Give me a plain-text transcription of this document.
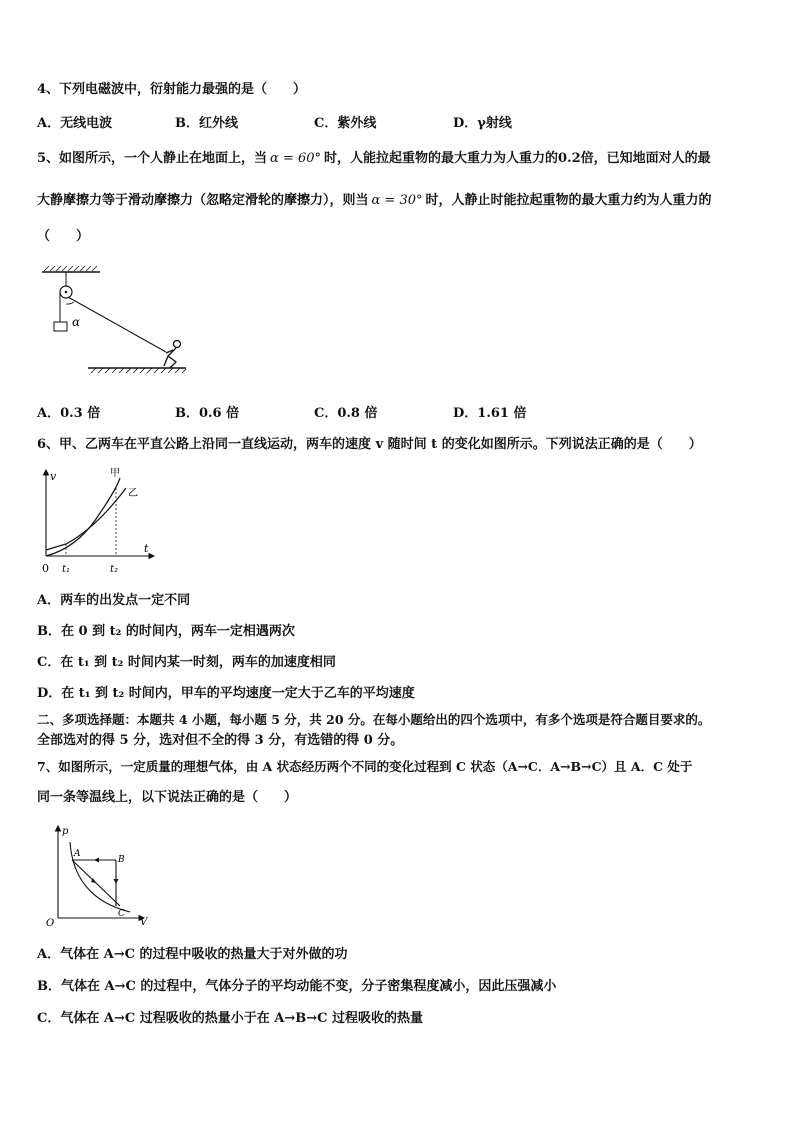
4、下列电磁波中，衍射能力最强的是（　　）
A．无线电波	B．红外线	C．紫外线	D．γ射线
5、如图所示，一个人静止在地面上，当 α = 60° 时，人能拉起重物的最大重力为人重力的0.2倍，已知地面对人的最
大静摩擦力等于滑动摩擦力（忽略定滑轮的摩擦力），则当 α = 30° 时，人静止时能拉起重物的最大重力约为人重力的
（　　）
α
A．0.3 倍	B．0.6 倍	C．0.8 倍	D．1.61 倍
6、甲、乙两车在平直公路上沿同一直线运动，两车的速度 v 随时间 t 的变化如图所示。下列说法正确的是（　　）
v
t
0 t₁	t₂
甲
乙
A．两车的出发点一定不同
B．在 0 到 t₂ 的时间内，两车一定相遇两次
C．在 t₁ 到 t₂ 时间内某一时刻，两车的加速度相同
D．在 t₁ 到 t₂ 时间内，甲车的平均速度一定大于乙车的平均速度
二、多项选择题：本题共 4 小题，每小题 5 分，共 20 分。在每小题给出的四个选项中，有多个选项是符合题目要求的。
全部选对的得 5 分，选对但不全的得 3 分，有选错的得 0 分。
7、如图所示，一定质量的理想气体，由 A 状态经历两个不同的变化过程到 C 状态（A→C．A→B→C）且 A．C 处于
同一条等温线上，以下说法正确的是（　　）
p
V
O
A
B
C
A．气体在 A→C 的过程中吸收的热量大于对外做的功
B．气体在 A→C 的过程中，气体分子的平均动能不变，分子密集程度减小，因此压强减小
C．气体在 A→C 过程吸收的热量小于在 A→B→C 过程吸收的热量
